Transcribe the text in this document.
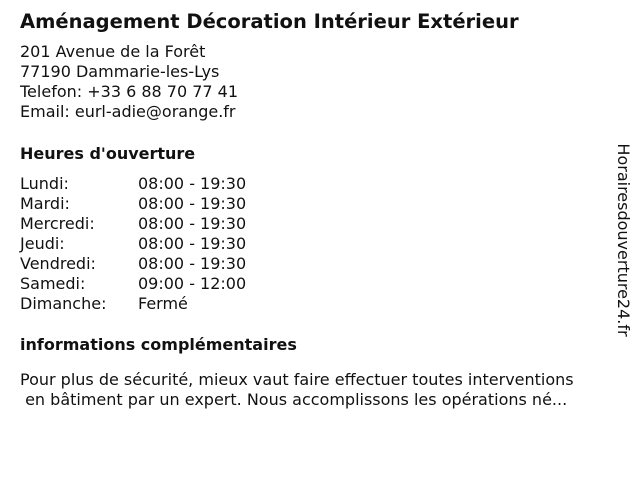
Aménagement Décoration Intérieur Extérieur
201 Avenue de la Forêt
77190 Dammarie-les-Lys
Telefon: +33 6 88 70 77 41
Email: eurl-adie@orange.fr
Heures d'ouverture
Lundi:	08:00 - 19:30
Mardi:	08:00 - 19:30
Mercredi:	08:00 - 19:30
Jeudi:	08:00 - 19:30
Vendredi:	08:00 - 19:30
Samedi:	09:00 - 12:00
Dimanche:	Fermé
informations complémentaires
Pour plus de sécurité, mieux vaut faire effectuer toutes interventions
en bâtiment par un expert. Nous accomplissons les opérations né...
Horairesdouverture24.fr
